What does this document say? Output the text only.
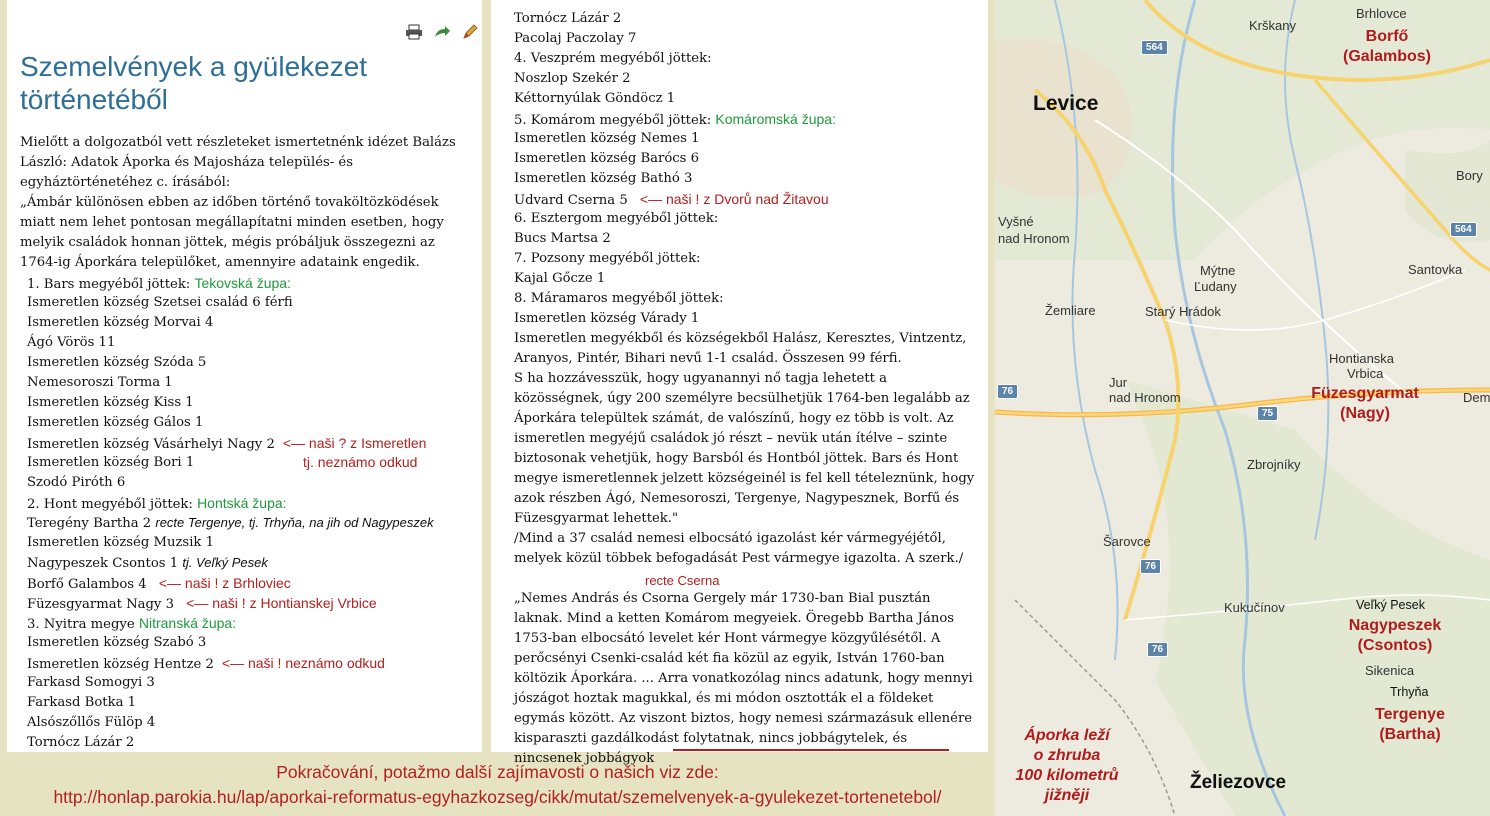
Szemelvények a gyülekezet történetéből
Mielőtt a dolgozatból vett részleteket ismertetnénk idézet Balázs László: Adatok Áporka és Majosháza település- és egyháztörténetéhez c. írásából:
„Ámbár különösen ebben az időben történő tovaköltözködések miatt nem lehet pontosan megállapítatni minden esetben, hogy melyik családok honnan jöttek, mégis próbáljuk összegezni az 1764-ig Áporkára települőket, amennyire adataink engedik.
1. Bars megyéből jöttek: Tekovská župa:
Ismeretlen község Szetsei család 6 férfi
Ismeretlen község Morvai 4
Ágó Vörös 11
Ismeretlen község Szóda 5
Nemesoroszi Torma 1
Ismeretlen község Kiss 1
Ismeretlen község Gálos 1
Ismeretlen község Vásárhelyi Nagy 2 <— naši ? z Ismeretlen
Ismeretlen község Bori 1
Szodó Piróth 6
2. Hont megyéből jöttek: Hontská župa:
Teregény Bartha 2 recte Tergenye, tj. Trhyňa, na jih od Nagypeszek
Ismeretlen község Muzsik 1
Nagypeszek Csontos 1 tj. Veľký Pesek
Borfő Galambos 4 <— naši ! z Brhloviec
Füzesgyarmat Nagy 3 <— naši ! z Hontianskej Vrbice
3. Nyitra megye Nitranská župa:
Ismeretlen község Szabó 3
Ismeretlen község Hentze 2 <— naši ! neznámo odkud
Farkasd Somogyi 3
Farkasd Botka 1
Alsószőllős Fülöp 4
Tornócz Lázár 2
tj. neznámo odkud
Tornócz Lázár 2
Pacolaj Paczolay 7
4. Veszprém megyéből jöttek:
Noszlop Szekér 2
Kéttornyúlak Göndöcz 1
5. Komárom megyéből jöttek: Komáromská župa:
Ismeretlen község Nemes 1
Ismeretlen község Barócs 6
Ismeretlen község Bathó 3
Udvard Cserna 5 <— naši ! z Dvorů nad Žitavou
6. Esztergom megyéből jöttek:
Bucs Martsa 2
7. Pozsony megyéből jöttek:
Kajal Gőcze 1
8. Máramaros megyéből jöttek:
Ismeretlen község Várady 1
Ismeretlen megyékből és községekből Halász, Keresztes, Vintzentz, Aranyos, Pintér, Bihari nevű 1-1 család. Összesen 99 férfi.
S ha hozzávesszük, hogy ugyanannyi nő tagja lehetett a közösségnek, úgy 200 személyre becsülhetjük 1764-ben legalább az Áporkára települtek számát, de valószínű, hogy ez több is volt. Az ismeretlen megyéjű családok jó részt – nevük után ítélve – szinte biztosonak vehetjük, hogy Barsból és Hontból jöttek. Bars és Hont megye ismeretlennek jelzett községeinél is fel kell tételeznünk, hogy azok részben Ágó, Nemesoroszi, Tergenye, Nagypesznek, Borfű és Füzesgyarmat lehettek."
/Mind a 37 család nemesi elbocsátó igazolást kér vármegyéjétől, melyek közül többek befogadását Pest vármegye igazolta. A szerk./
recte Cserna
„Nemes András és Csorna Gergely már 1730-ban Bial pusztán laknak. Mind a ketten Komárom megyeiek. Öregebb Bartha János 1753-ban elbocsátó levelet kér Hont vármegye közgyűlésétől. A perőcsényi Csenki-család két fia közül az egyik, István 1760-ban költözik Áporkára. ... Arra vonatkozólag nincs adatunk, hogy mennyi jószágot hoztak magukkal, és mi módon osztották el a földeket egymás között. Az viszont biztos, hogy nemesi származásuk ellenére kisparaszti gazdálkodást folytatnak, nincs jobbágytelek, és nincsenek jobbágyok
Pokračování, potažmo další zajímavosti o našich viz zde:
http://honlap.parokia.hu/lap/aporkai-reformatus-egyhazkozseg/cikk/mutat/szemelvenyek-a-gyulekezet-tortenetebol/
564
564
76
75
76
76
Krškany
Brhlovce
Levice
Bory
Vyšné
nad Hronom
Santovka
Mýtne
Ľudany
Žemliare	Starý Hrádok
Hontianska
Vrbica
Jur
nad Hronom	Dem
Zbrojníky
Šarovce
Kukučínov	Veľký Pesek
Sikenica
Trhyňa
Želiezovce
Borfő
(Galambos)
Füzesgyarmat
(Nagy)
Nagypeszek
(Csontos)
Tergenye
(Bartha)
Áporka leží
o zhruba
100 kilometrů
jižněji
